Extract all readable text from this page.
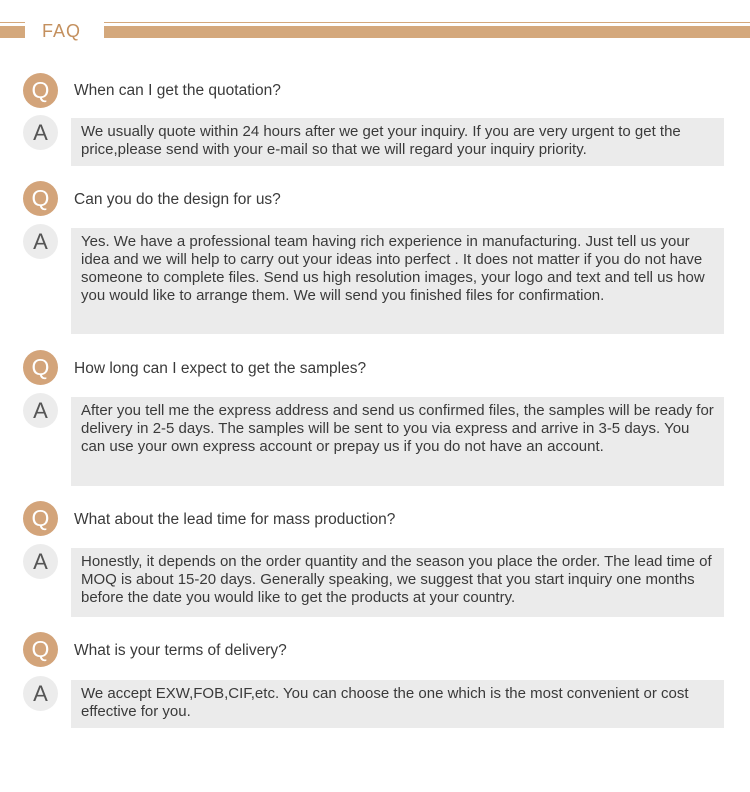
FAQ
Q	When can I get the quotation?
A	We usually quote within 24 hours after we get your inquiry. If you are very urgent to get the price,please send with your e-mail so that we will regard your inquiry priority.
Q	Can you do the design for us?
A	Yes. We have a professional team having rich experience in manufacturing. Just tell us your idea and we will help to carry out your ideas into perfect . It does not matter if you do not have someone to complete files. Send us high resolution images, your logo and text and tell us how you would like to arrange them. We will send you finished files for confirmation.
Q	How long can I expect to get the samples?
A	After you tell me the express address and send us confirmed files, the samples will be ready for delivery in 2-5 days. The samples will be sent to you via express and arrive in 3-5 days. You can use your own express account or prepay us if you do not have an account.
Q	What about the lead time for mass production?
A	Honestly, it depends on the order quantity and the season you place the order. The lead time of MOQ is about 15-20 days. Generally speaking, we suggest that you start inquiry one months before the date you would like to get the products at your country.
Q	What is your terms of delivery?
A	We accept EXW,FOB,CIF,etc. You can choose the one which is the most convenient or cost effective for you.
